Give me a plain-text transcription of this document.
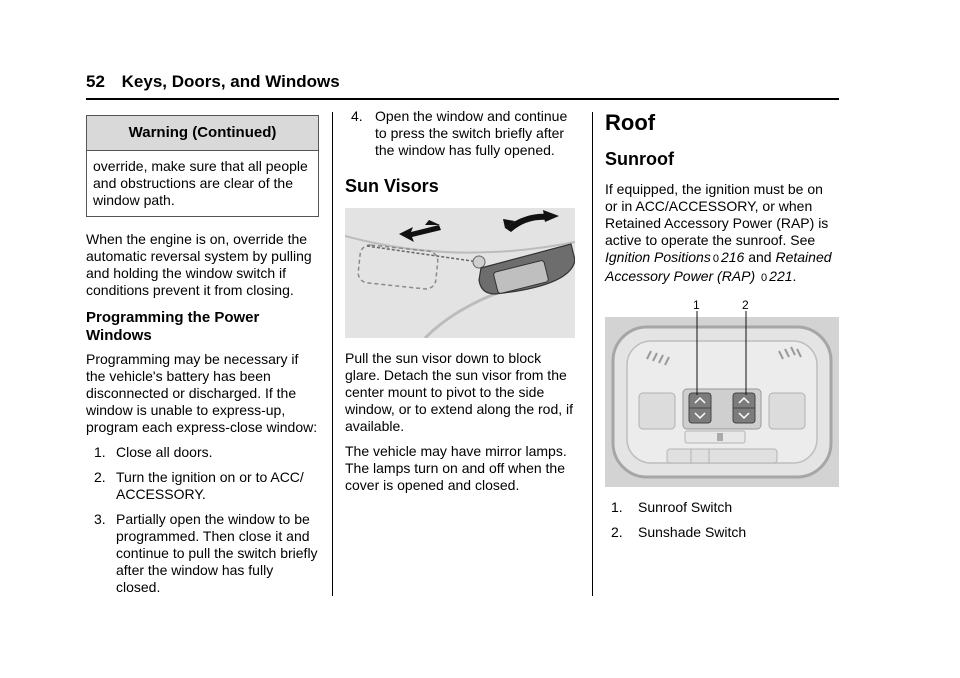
52 Keys, Doors, and Windows
Warning (Continued)
override, make sure that all people and obstructions are clear of the window path.

When the engine is on, override the automatic reversal system by pulling and holding the window switch if conditions prevent it from closing.

Programming the Power Windows

Programming may be necessary if the vehicle's battery has been disconnected or discharged. If the window is unable to express-up, program each express-close window:

1. Close all doors.
2. Turn the ignition on or to ACC/ ACCESSORY.
3. Partially open the window to be programmed. Then close it and continue to pull the switch briefly after the window has fully closed.
4. Open the window and continue to press the switch briefly after the window has fully opened.
Sun Visors

Pull the sun visor down to block glare. Detach the sun visor from the center mount to pivot to the side window, or to extend along the rod, if available.

The vehicle may have mirror lamps. The lamps turn on and off when the cover is opened and closed.

Roof
Sunroof

If equipped, the ignition must be on or in ACC/ACCESSORY, or when Retained Accessory Power (RAP) is active to operate the sunroof. See Ignition Positions 0 216 and Retained Accessory Power (RAP) 0 221.

1	2
1. Sunroof Switch
2. Sunshade Switch
